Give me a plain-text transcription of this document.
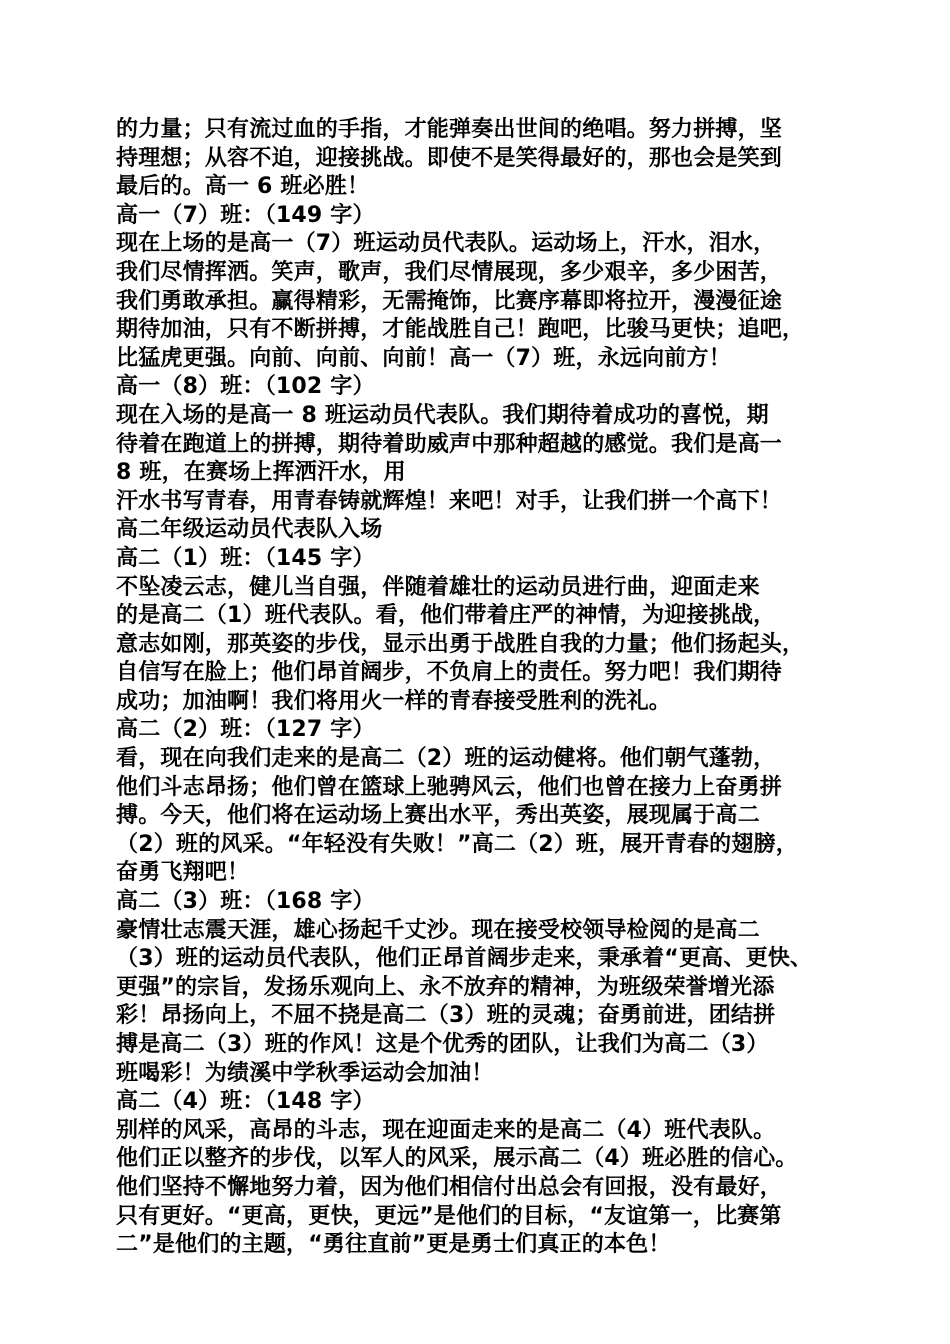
的力量；只有流过血的手指，才能弹奏出世间的绝唱。努力拼搏，坚
持理想；从容不迫，迎接挑战。即使不是笑得最好的，那也会是笑到
最后的。高一 6 班必胜！
高一（7）班：（149 字）
现在上场的是高一（7）班运动员代表队。运动场上，汗水，泪水，
我们尽情挥洒。笑声，歌声，我们尽情展现，多少艰辛，多少困苦，
我们勇敢承担。赢得精彩，无需掩饰，比赛序幕即将拉开，漫漫征途
期待加油，只有不断拼搏，才能战胜自己！跑吧，比骏马更快；追吧，
比猛虎更强。向前、向前、向前！高一（7）班，永远向前方！
高一（8）班：（102 字）
现在入场的是高一 8 班运动员代表队。我们期待着成功的喜悦，期
待着在跑道上的拼搏，期待着助威声中那种超越的感觉。我们是高一
8 班，在赛场上挥洒汗水，用
汗水书写青春，用青春铸就辉煌！来吧！对手，让我们拼一个高下！
高二年级运动员代表队入场
高二（1）班：（145 字）
不坠凌云志，健儿当自强，伴随着雄壮的运动员进行曲，迎面走来
的是高二（1）班代表队。看，他们带着庄严的神情，为迎接挑战，
意志如刚，那英姿的步伐，显示出勇于战胜自我的力量；他们扬起头，
自信写在脸上；他们昂首阔步，不负肩上的责任。努力吧！我们期待
成功；加油啊！我们将用火一样的青春接受胜利的洗礼。
高二（2）班：（127 字）
看，现在向我们走来的是高二（2）班的运动健将。他们朝气蓬勃，
他们斗志昂扬；他们曾在篮球上驰骋风云，他们也曾在接力上奋勇拼
搏。今天，他们将在运动场上赛出水平，秀出英姿，展现属于高二
（2）班的风采。“年轻没有失败！”高二（2）班，展开青春的翅膀，
奋勇飞翔吧！
高二（3）班：（168 字）
豪情壮志震天涯，雄心扬起千丈沙。现在接受校领导检阅的是高二
（3）班的运动员代表队，他们正昂首阔步走来，秉承着“更高、更快、
更强”的宗旨，发扬乐观向上、永不放弃的精神，为班级荣誉增光添
彩！昂扬向上，不屈不挠是高二（3）班的灵魂；奋勇前进，团结拼
搏是高二（3）班的作风！这是个优秀的团队，让我们为高二（3）
班喝彩！为绩溪中学秋季运动会加油！
高二（4）班：（148 字）
别样的风采，高昂的斗志，现在迎面走来的是高二（4）班代表队。
他们正以整齐的步伐，以军人的风采，展示高二（4）班必胜的信心。
他们坚持不懈地努力着，因为他们相信付出总会有回报，没有最好，
只有更好。“更高，更快，更远”是他们的目标，“友谊第一，比赛第
二”是他们的主题，“勇往直前”更是勇士们真正的本色！
